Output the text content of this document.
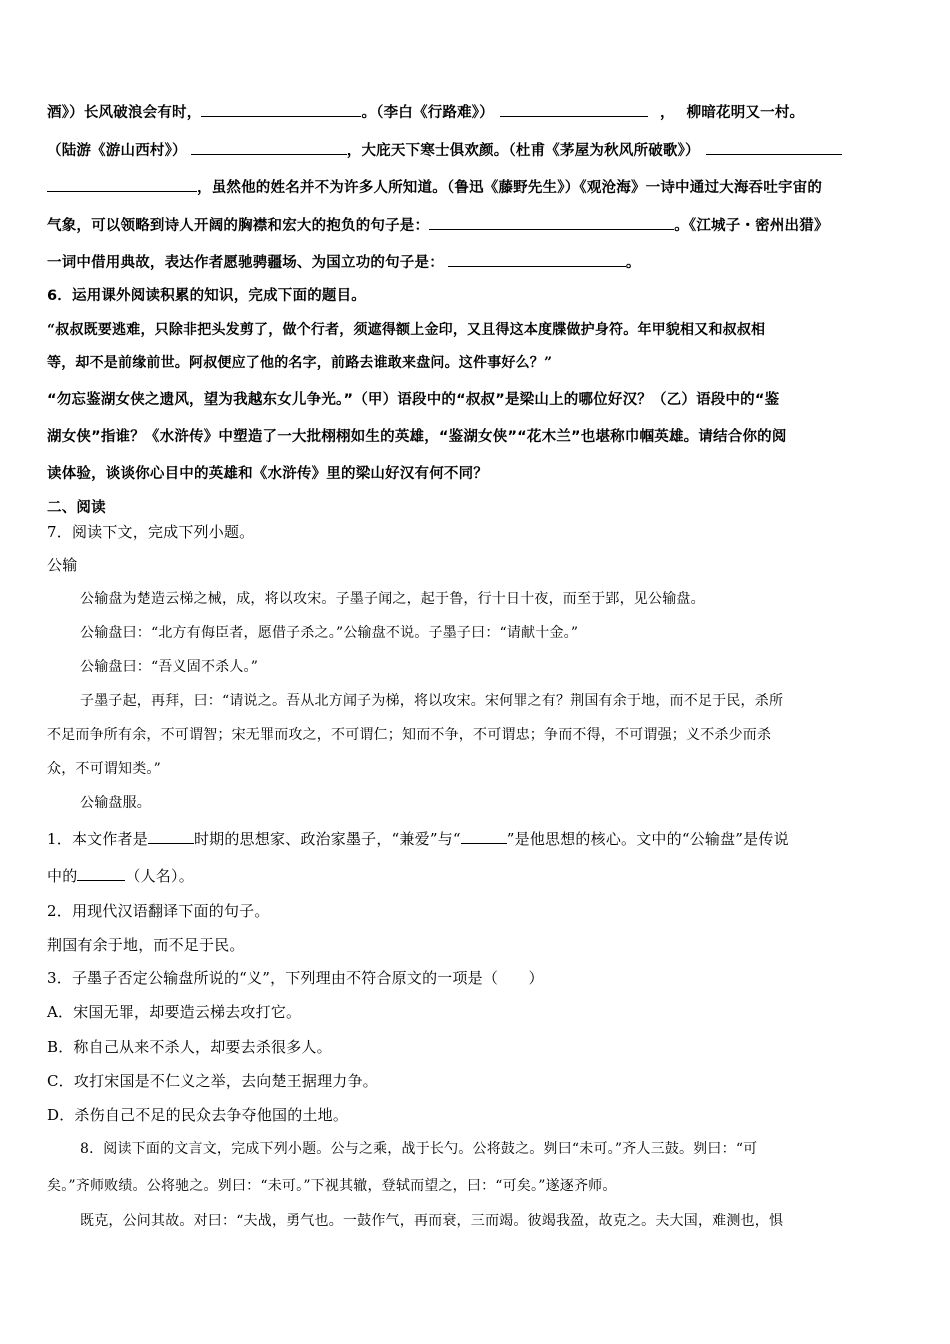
酒》）长风破浪会有时，	。（李白《行路难》）	， 柳暗花明又一村。
（陆游《游山西村》）	，大庇天下寒士俱欢颜。（杜甫《茅屋为秋风所破歌》）
，虽然他的姓名并不为许多人所知道。（鲁迅《藤野先生》）《观沧海》一诗中通过大海吞吐宇宙的
气象，可以领略到诗人开阔的胸襟和宏大的抱负的句子是：	。《江城子・密州出猎》
一词中借用典故，表达作者愿驰骋疆场、为国立功的句子是：	。
6．运用课外阅读积累的知识，完成下面的题目。
“叔叔既要逃难，只除非把头发剪了，做个行者，须遮得额上金印，又且得这本度牒做护身符。年甲貌相又和叔叔相
等，却不是前缘前世。阿叔便应了他的名字，前路去谁敢来盘问。这件事好么？”
“勿忘鉴湖女侠之遗风，望为我越东女儿争光。”（甲）语段中的“叔叔”是梁山上的哪位好汉？（乙）语段中的“鉴
湖女侠”指谁？《水浒传》中塑造了一大批栩栩如生的英雄，“鉴湖女侠”“花木兰”也堪称巾帼英雄。请结合你的阅
读体验，谈谈你心目中的英雄和《水浒传》里的梁山好汉有何不同？
二、阅读
7．阅读下文，完成下列小题。
公输
公输盘为楚造云梯之械，成，将以攻宋。子墨子闻之，起于鲁，行十日十夜，而至于郢，见公输盘。
公输盘曰：“北方有侮臣者，愿借子杀之。”公输盘不说。子墨子曰：“请献十金。”
公输盘曰：“吾义固不杀人。”
子墨子起，再拜，曰：“请说之。吾从北方闻子为梯，将以攻宋。宋何罪之有？荆国有余于地，而不足于民，杀所
不足而争所有余，不可谓智；宋无罪而攻之，不可谓仁；知而不争，不可谓忠；争而不得，不可谓强；义不杀少而杀
众，不可谓知类。”
公输盘服。
1．本文作者是	时期的思想家、政治家墨子，“兼爱”与“	”是他思想的核心。文中的“公输盘”是传说
中的	（人名）。
2．用现代汉语翻译下面的句子。
荆国有余于地，而不足于民。
3．子墨子否定公输盘所说的“义”，下列理由不符合原文的一项是（　　）
A．宋国无罪，却要造云梯去攻打它。
B．称自己从来不杀人，却要去杀很多人。
C．攻打宋国是不仁义之举，去向楚王据理力争。
D．杀伤自己不足的民众去争夺他国的土地。
8．阅读下面的文言文，完成下列小题。公与之乘，战于长勺。公将鼓之。刿曰“未可。”齐人三鼓。刿曰：“可
矣。”齐师败绩。公将驰之。刿曰：“未可。”下视其辙，登轼而望之，曰：“可矣。”遂逐齐师。
既克，公问其故。对曰：“夫战，勇气也。一鼓作气，再而衰，三而竭。彼竭我盈，故克之。夫大国，难测也，惧
